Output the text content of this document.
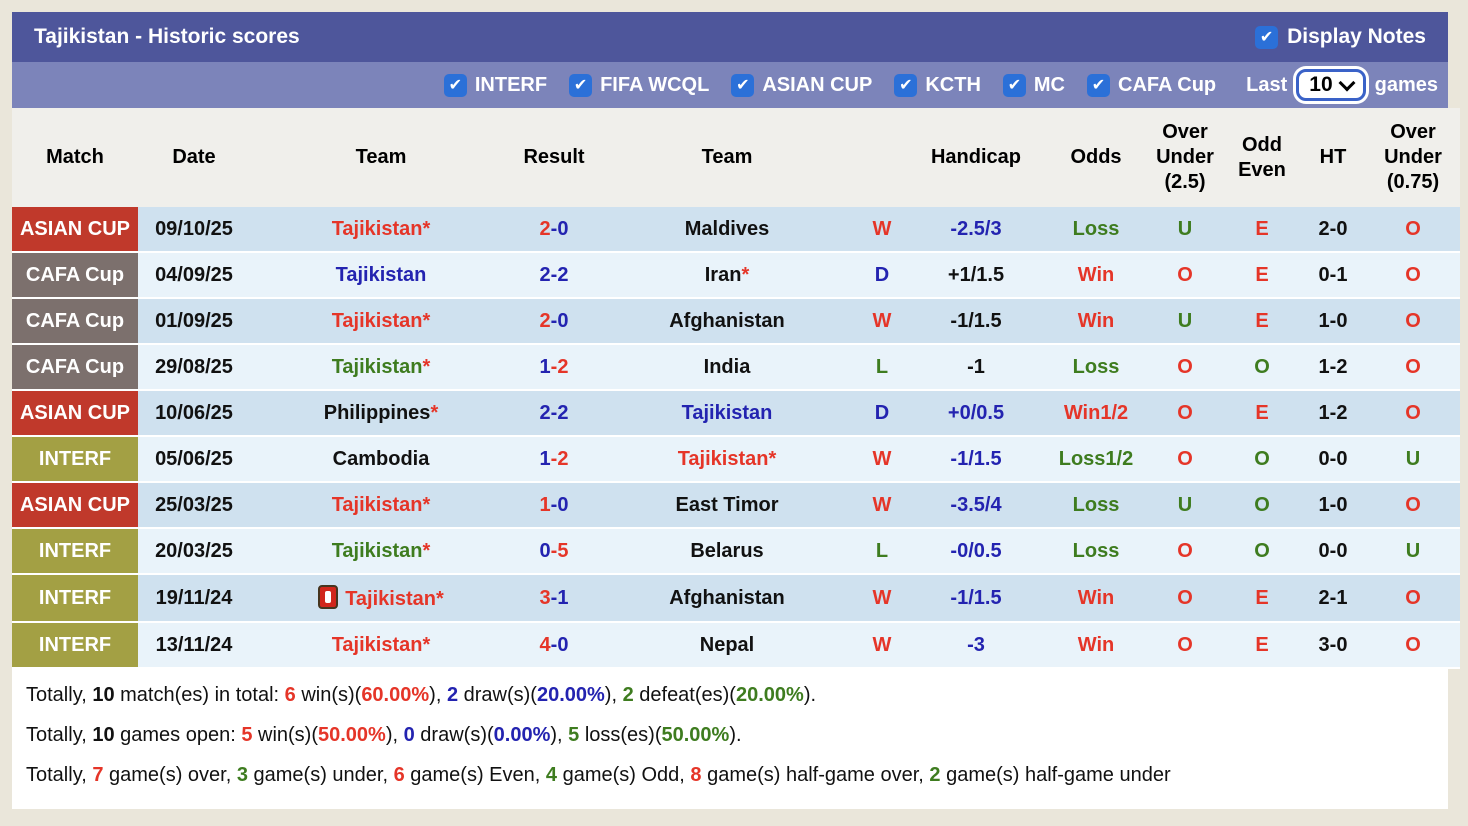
Tajikistan - Historic scores	✔ Display Notes
✔ INTERF ✔ FIFA WCQL ✔ ASIAN CUP ✔ KCTH ✔ MC ✔ CAFA Cup Last 10 games
Match	Date	Team	Result	Team		Handicap	Odds	Over Under (2.5)	Odd Even	HT	Over Under (0.75)
ASIAN CUP	09/10/25	Tajikistan*	2-0	Maldives	W	-2.5/3	Loss	U	E	2-0	O
CAFA Cup	04/09/25	Tajikistan	2-2	Iran*	D	+1/1.5	Win	O	E	0-1	O
CAFA Cup	01/09/25	Tajikistan*	2-0	Afghanistan	W	-1/1.5	Win	U	E	1-0	O
CAFA Cup	29/08/25	Tajikistan*	1-2	India	L	-1	Loss	O	O	1-2	O
ASIAN CUP	10/06/25	Philippines*	2-2	Tajikistan	D	+0/0.5	Win1/2	O	E	1-2	O
INTERF	05/06/25	Cambodia	1-2	Tajikistan*	W	-1/1.5	Loss1/2	O	O	0-0	U
ASIAN CUP	25/03/25	Tajikistan*	1-0	East Timor	W	-3.5/4	Loss	U	O	1-0	O
INTERF	20/03/25	Tajikistan*	0-5	Belarus	L	-0/0.5	Loss	O	O	0-0	U
INTERF	19/11/24	Tajikistan*	3-1	Afghanistan	W	-1/1.5	Win	O	E	2-1	O
INTERF	13/11/24	Tajikistan*	4-0	Nepal	W	-3	Win	O	E	3-0	O
Totally, 10 match(es) in total: 6 win(s)(60.00%), 2 draw(s)(20.00%), 2 defeat(es)(20.00%).
Totally, 10 games open: 5 win(s)(50.00%), 0 draw(s)(0.00%), 5 loss(es)(50.00%).
Totally, 7 game(s) over, 3 game(s) under, 6 game(s) Even, 4 game(s) Odd, 8 game(s) half-game over, 2 game(s) half-game under
